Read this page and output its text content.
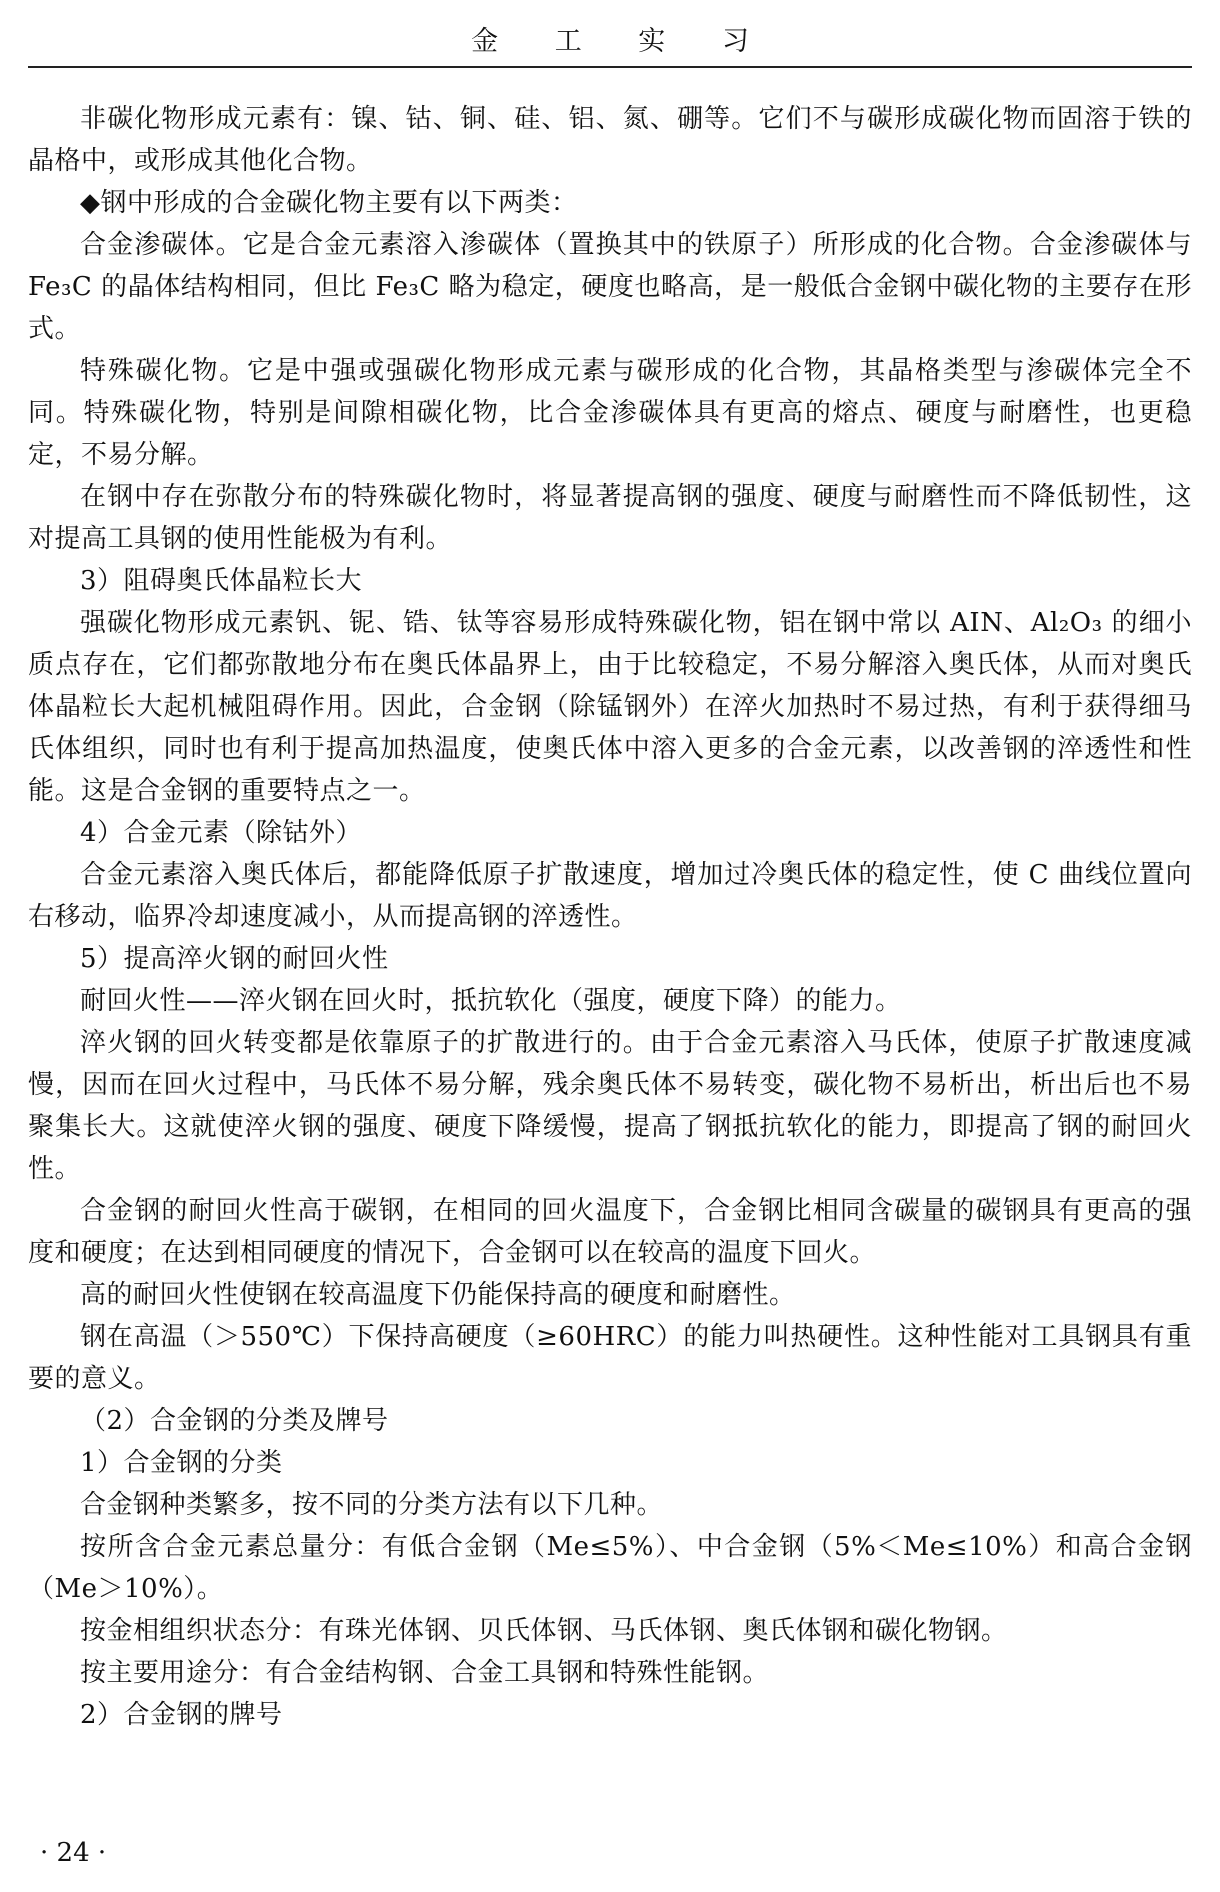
金 工 实 习

非碳化物形成元素有：镍、钴、铜、硅、铝、氮、硼等。它们不与碳形成碳化物而固溶于铁的晶格中，或形成其他化合物。

◆钢中形成的合金碳化物主要有以下两类：

合金渗碳体。它是合金元素溶入渗碳体（置换其中的铁原子）所形成的化合物。合金渗碳体与 Fe₃C 的晶体结构相同，但比 Fe₃C 略为稳定，硬度也略高，是一般低合金钢中碳化物的主要存在形式。

特殊碳化物。它是中强或强碳化物形成元素与碳形成的化合物，其晶格类型与渗碳体完全不同。特殊碳化物，特别是间隙相碳化物，比合金渗碳体具有更高的熔点、硬度与耐磨性，也更稳定，不易分解。

在钢中存在弥散分布的特殊碳化物时，将显著提高钢的强度、硬度与耐磨性而不降低韧性，这对提高工具钢的使用性能极为有利。

3）阻碍奥氏体晶粒长大

强碳化物形成元素钒、铌、锆、钛等容易形成特殊碳化物，铝在钢中常以 AIN、Al₂O₃ 的细小质点存在，它们都弥散地分布在奥氏体晶界上，由于比较稳定，不易分解溶入奥氏体，从而对奥氏体晶粒长大起机械阻碍作用。因此，合金钢（除锰钢外）在淬火加热时不易过热，有利于获得细马氏体组织，同时也有利于提高加热温度，使奥氏体中溶入更多的合金元素，以改善钢的淬透性和性能。这是合金钢的重要特点之一。

4）合金元素（除钴外）

合金元素溶入奥氏体后，都能降低原子扩散速度，增加过冷奥氏体的稳定性，使 C 曲线位置向右移动，临界冷却速度减小，从而提高钢的淬透性。

5）提高淬火钢的耐回火性

耐回火性——淬火钢在回火时，抵抗软化（强度，硬度下降）的能力。

淬火钢的回火转变都是依靠原子的扩散进行的。由于合金元素溶入马氏体，使原子扩散速度减慢，因而在回火过程中，马氏体不易分解，残余奥氏体不易转变，碳化物不易析出，析出后也不易聚集长大。这就使淬火钢的强度、硬度下降缓慢，提高了钢抵抗软化的能力，即提高了钢的耐回火性。

合金钢的耐回火性高于碳钢，在相同的回火温度下，合金钢比相同含碳量的碳钢具有更高的强度和硬度；在达到相同硬度的情况下，合金钢可以在较高的温度下回火。

高的耐回火性使钢在较高温度下仍能保持高的硬度和耐磨性。

钢在高温（＞550℃）下保持高硬度（≥60HRC）的能力叫热硬性。这种性能对工具钢具有重要的意义。

（2）合金钢的分类及牌号

1）合金钢的分类

合金钢种类繁多，按不同的分类方法有以下几种。

按所含合金元素总量分：有低合金钢（Me≤5%）、中合金钢（5%＜Me≤10%）和高合金钢（Me＞10%）。

按金相组织状态分：有珠光体钢、贝氏体钢、马氏体钢、奥氏体钢和碳化物钢。

按主要用途分：有合金结构钢、合金工具钢和特殊性能钢。

2）合金钢的牌号

· 24 ·
